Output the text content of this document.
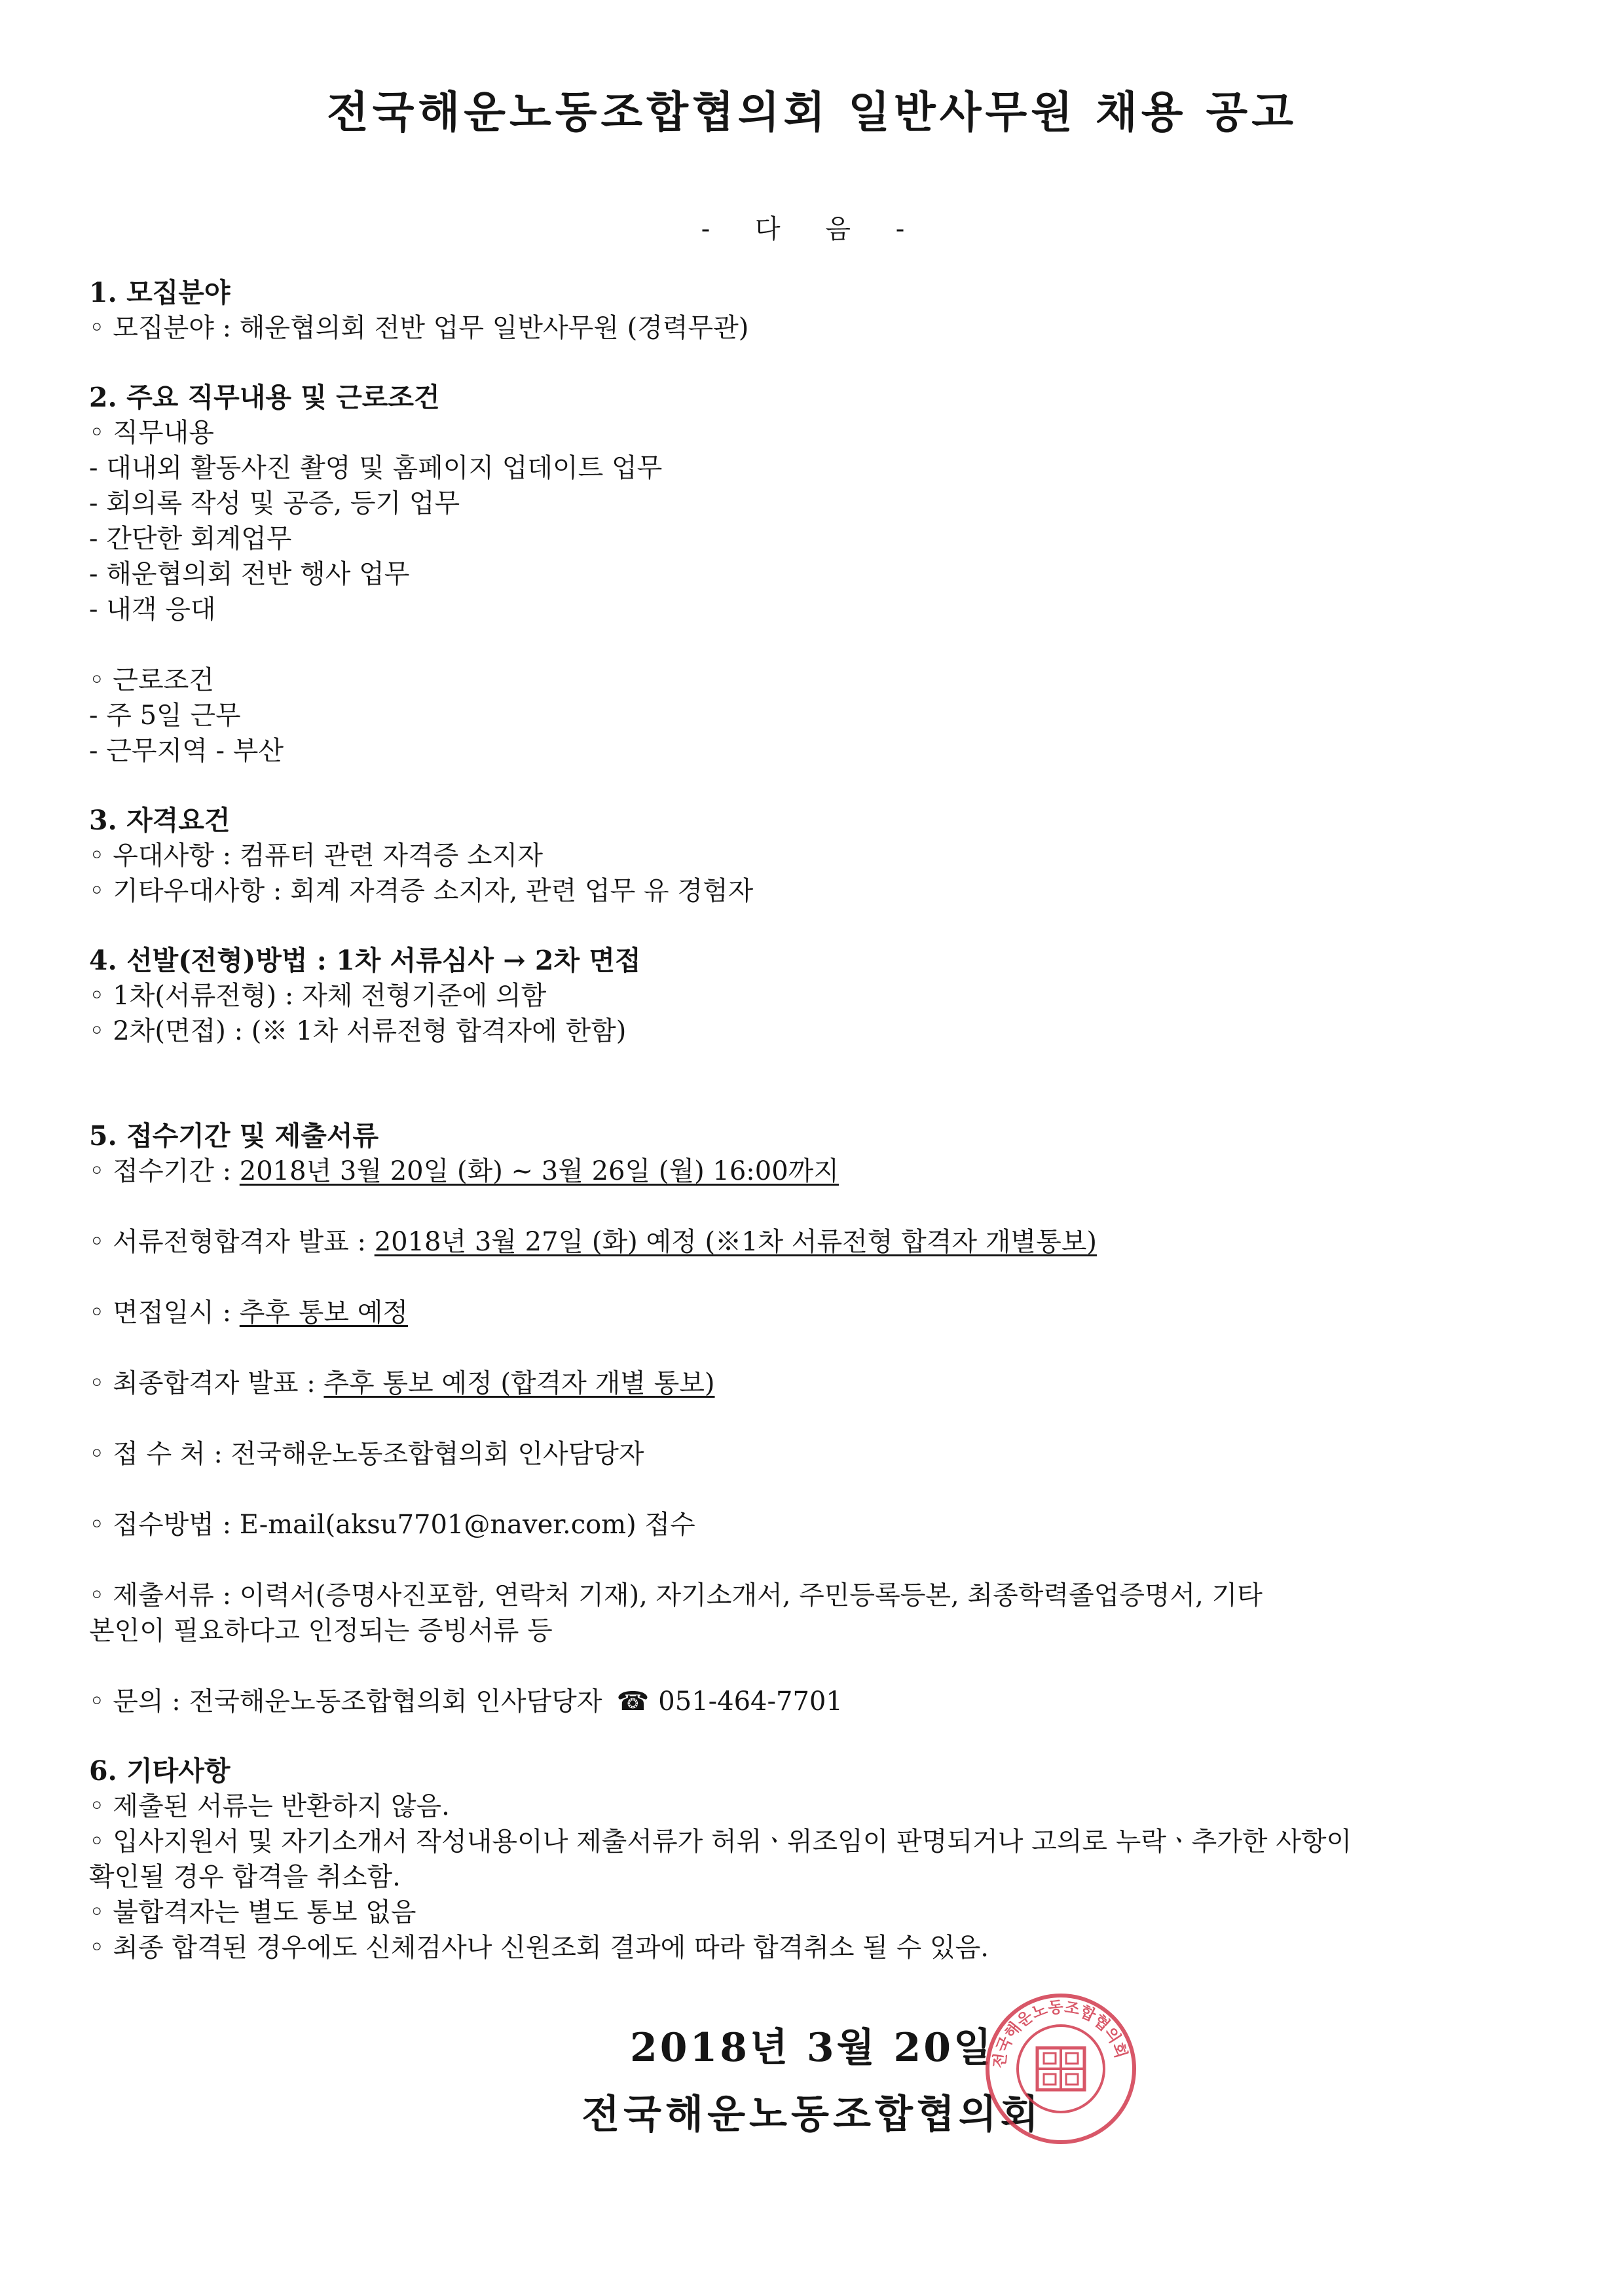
전국해운노동조합협의회 일반사무원 채용 공고
- 다 음 -
1. 모집분야
◦ 모집분야 : 해운협의회 전반 업무 일반사무원 (경력무관)
2. 주요 직무내용 및 근로조건
◦ 직무내용
- 대내외 활동사진 촬영 및 홈페이지 업데이트 업무
- 회의록 작성 및 공증, 등기 업무
- 간단한 회계업무
- 해운협의회 전반 행사 업무
- 내객 응대
◦ 근로조건
- 주 5일 근무
- 근무지역 - 부산
3. 자격요건
◦ 우대사항 : 컴퓨터 관련 자격증 소지자
◦ 기타우대사항 : 회계 자격증 소지자, 관련 업무 유 경험자
4. 선발(전형)방법 : 1차 서류심사 → 2차 면접
◦ 1차(서류전형) : 자체 전형기준에 의함
◦ 2차(면접) : (※ 1차 서류전형 합격자에 한함)
5. 접수기간 및 제출서류
◦ 접수기간 : 2018년 3월 20일 (화) ~ 3월 26일 (월) 16:00까지
◦ 서류전형합격자 발표 : 2018년 3월 27일 (화) 예정 (※1차 서류전형 합격자 개별통보)
◦ 면접일시 : 추후 통보 예정
◦ 최종합격자 발표 : 추후 통보 예정 (합격자 개별 통보)
◦ 접 수 처 : 전국해운노동조합협의회 인사담당자
◦ 접수방법 : E-mail(aksu7701@naver.com) 접수
◦ 제출서류 : 이력서(증명사진포함, 연락처 기재), 자기소개서, 주민등록등본, 최종학력졸업증명서, 기타
본인이 필요하다고 인정되는 증빙서류 등
◦ 문의 : 전국해운노동조합협의회 인사담당자 ☎ 051-464-7701
6. 기타사항
◦ 제출된 서류는 반환하지 않음.
◦ 입사지원서 및 자기소개서 작성내용이나 제출서류가 허위ㆍ위조임이 판명되거나 고의로 누락ㆍ추가한 사항이
확인될 경우 합격을 취소함.
◦ 불합격자는 별도 통보 없음
◦ 최종 합격된 경우에도 신체검사나 신원조회 결과에 따라 합격취소 될 수 있음.
2018년 3월 20일
전국해운노동조합협의회
전국해운노동조합협의회
